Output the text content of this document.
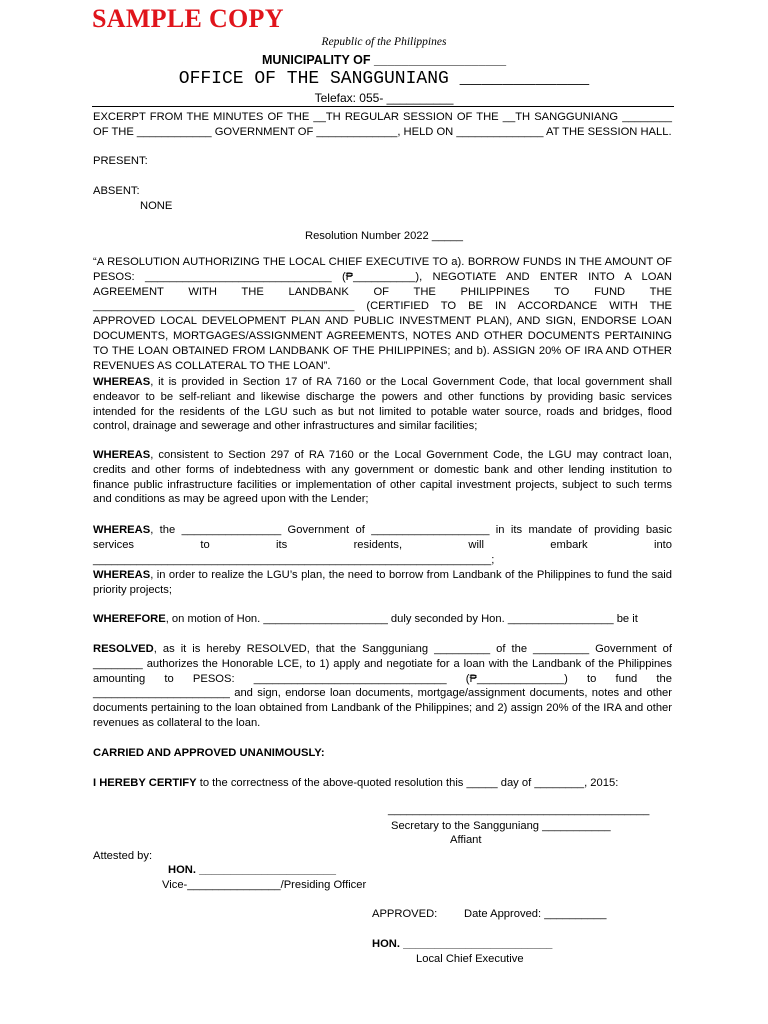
SAMPLE COPY
Republic of the Philippines
MUNICIPALITY OF ___________________
OFFICE OF THE SANGGUNIANG ____________
Telefax: 055- __________
EXCERPT FROM THE MINUTES OF THE __TH REGULAR SESSION OF THE __TH SANGGUNIANG ________ OF THE ____________ GOVERNMENT OF _____________, HELD ON ______________ AT THE SESSION HALL.
PRESENT:
ABSENT:
NONE
Resolution Number 2022 _____
“A RESOLUTION AUTHORIZING THE LOCAL CHIEF EXECUTIVE TO a). BORROW FUNDS IN THE AMOUNT OF PESOS: ______________________________ (₱__________), NEGOTIATE AND ENTER INTO A LOAN AGREEMENT WITH THE LANDBANK OF THE PHILIPPINES TO FUND THE __________________________________________ (CERTIFIED TO BE IN ACCORDANCE WITH THE APPROVED LOCAL DEVELOPMENT PLAN AND PUBLIC INVESTMENT PLAN), AND SIGN, ENDORSE LOAN DOCUMENTS, MORTGAGES/ASSIGNMENT AGREEMENTS, NOTES AND OTHER DOCUMENTS PERTAINING TO THE LOAN OBTAINED FROM LANDBANK OF THE PHILIPPINES; and b). ASSIGN 20% OF IRA AND OTHER REVENUES AS COLLATERAL TO THE LOAN”.
WHEREAS, it is provided in Section 17 of RA 7160 or the Local Government Code, that local government shall endeavor to be self-reliant and likewise discharge the powers and other functions by providing basic services intended for the residents of the LGU such as but not limited to potable water source, roads and bridges, flood control, drainage and sewerage and other infrastructures and similar facilities;
WHEREAS, consistent to Section 297 of RA 7160 or the Local Government Code, the LGU may contract loan, credits and other forms of indebtedness with any government or domestic bank and other lending institution to finance public infrastructure facilities or implementation of other capital investment projects, subject to such terms and conditions as may be agreed upon with the Lender;
WHEREAS, the ________________ Government of ___________________ in its mandate of providing basic services to its residents, will embark into ________________________________________________________________;
WHEREAS, in order to realize the LGU’s plan, the need to borrow from Landbank of the Philippines to fund the said priority projects;
WHEREFORE, on motion of Hon. ____________________ duly seconded by Hon. _________________ be it
RESOLVED, as it is hereby RESOLVED, that the Sangguniang _________ of the _________ Government of ________ authorizes the Honorable LCE, to 1) apply and negotiate for a loan with the Landbank of the Philippines amounting to PESOS: _______________________________ (₱______________) to fund the ______________________ and sign, endorse loan documents, mortgage/assignment documents, notes and other documents pertaining to the loan obtained from Landbank of the Philippines; and 2) assign 20% of the IRA and other revenues as collateral to the loan.
CARRIED AND APPROVED UNANIMOUSLY:
I HEREBY CERTIFY to the correctness of the above-quoted resolution this _____ day of ________, 2015:
__________________________________________
Secretary to the Sangguniang ___________
Affiant
Attested by:
HON. ______________________
Vice-_______________/Presiding Officer
APPROVED: Date Approved: __________
HON. ________________________
Local Chief Executive
